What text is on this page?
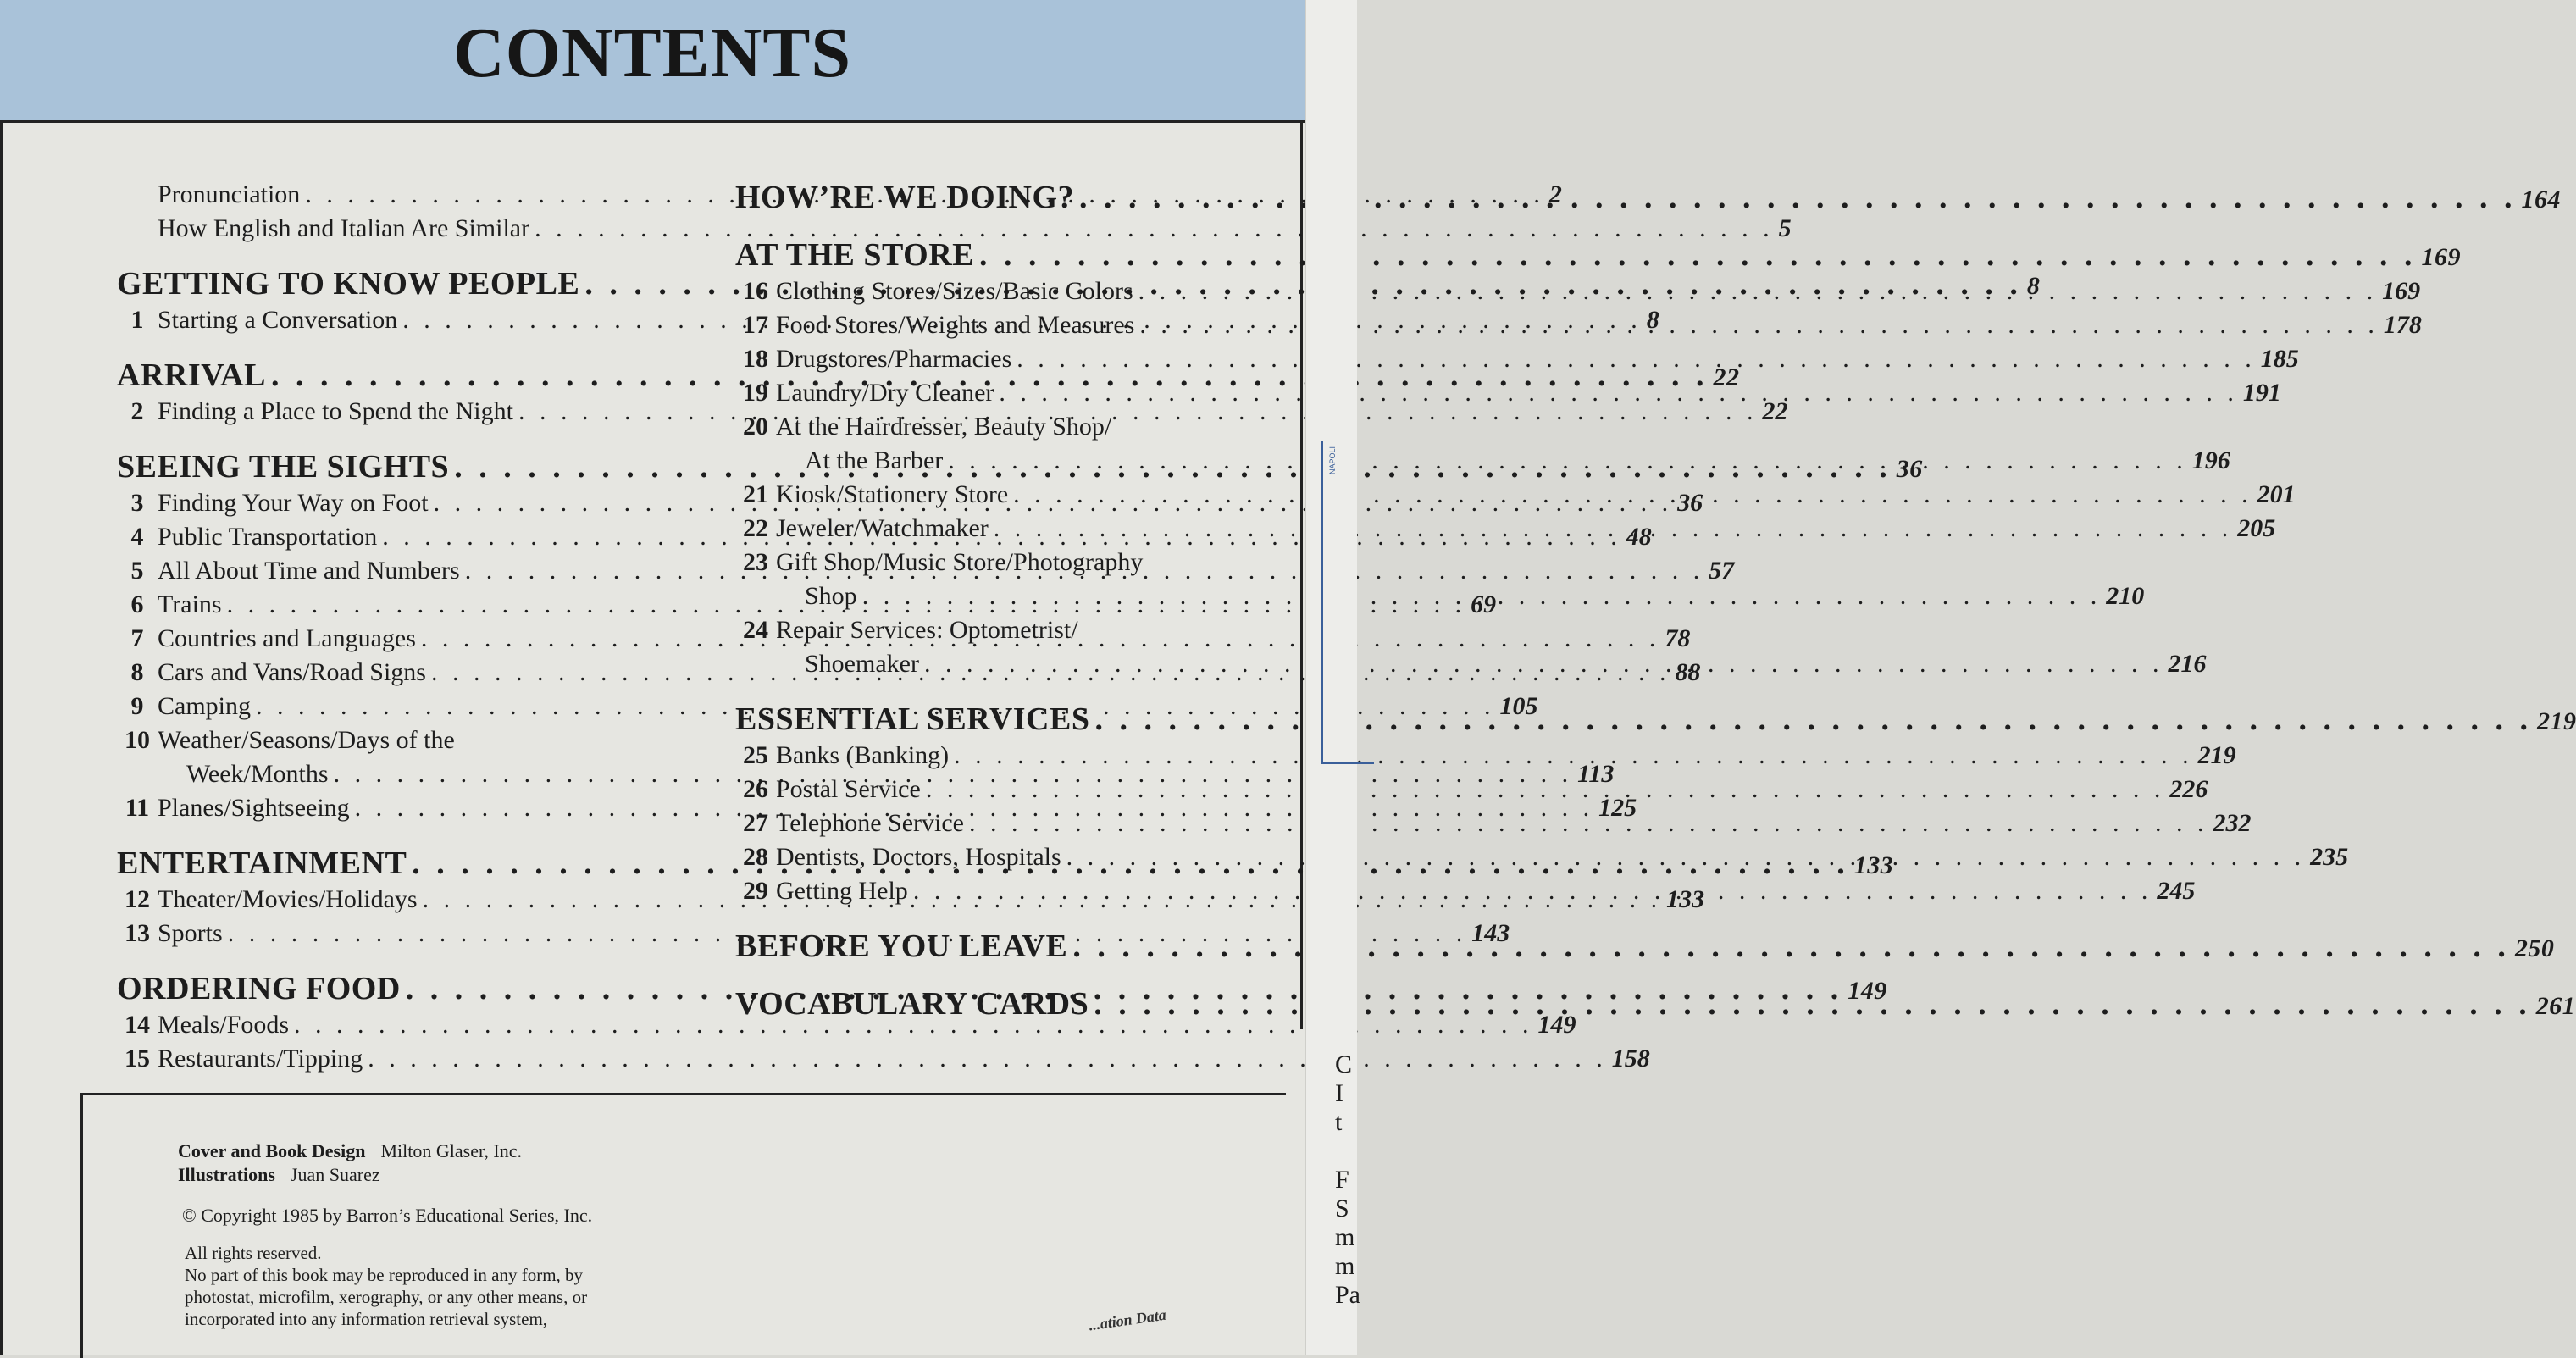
CONTENTS
Pronunciation . . .	2
How English and Italian Are Similar . . .	5
GETTING TO KNOW PEOPLE . . .	8
1 Starting a Conversation . . .	8
ARRIVAL . . .	22
2 Finding a Place to Spend the Night . . .	22
SEEING THE SIGHTS . . .	36
3 Finding Your Way on Foot . . .	36
4 Public Transportation . . .	48
5 All About Time and Numbers . . .	57
6 Trains . . .	69
7 Countries and Languages . . .	78
8 Cars and Vans/Road Signs . . .	88
9 Camping . . .	105
10 Weather/Seasons/Days of the
Week/Months . . .	113
11 Planes/Sightseeing . . .	125
ENTERTAINMENT . . .	133
12 Theater/Movies/Holidays . . .	133
13 Sports . . .	143
ORDERING FOOD . . .	149
14 Meals/Foods . . .	149
15 Restaurants/Tipping . . .	158
HOW’RE WE DOING? . . .	164
AT THE STORE . . .	169
16 Clothing Stores/Sizes/Basic Colors . . .	169
17 Food Stores/Weights and Measures . . .	178
18 Drugstores/Pharmacies . . .	185
19 Laundry/Dry Cleaner . . .	191
20 At the Hairdresser, Beauty Shop/
At the Barber . . .	196
21 Kiosk/Stationery Store . . .	201
22 Jeweler/Watchmaker . . .	205
23 Gift Shop/Music Store/Photography
Shop . . .	210
24 Repair Services: Optometrist/
Shoemaker . . .	216
ESSENTIAL SERVICES . . .	219
25 Banks (Banking) . . .	219
26 Postal Service . . .	226
27 Telephone Service . . .	232
28 Dentists, Doctors, Hospitals . . .	235
29 Getting Help . . .	245
BEFORE YOU LEAVE . . .	250
VOCABULARY CARDS . . .	261
Cover and Book Design Milton Glaser, Inc.
Illustrations Juan Suarez
© Copyright 1985 by Barron’s Educational Series, Inc.
All rights reserved.
No part of this book may be reproduced in any form, by
photostat, microfilm, xerography, or any other means, or
incorporated into any information retrieval system,	...ation Data
NAPOLI
C
I
t
F
S
m
m
Pa
